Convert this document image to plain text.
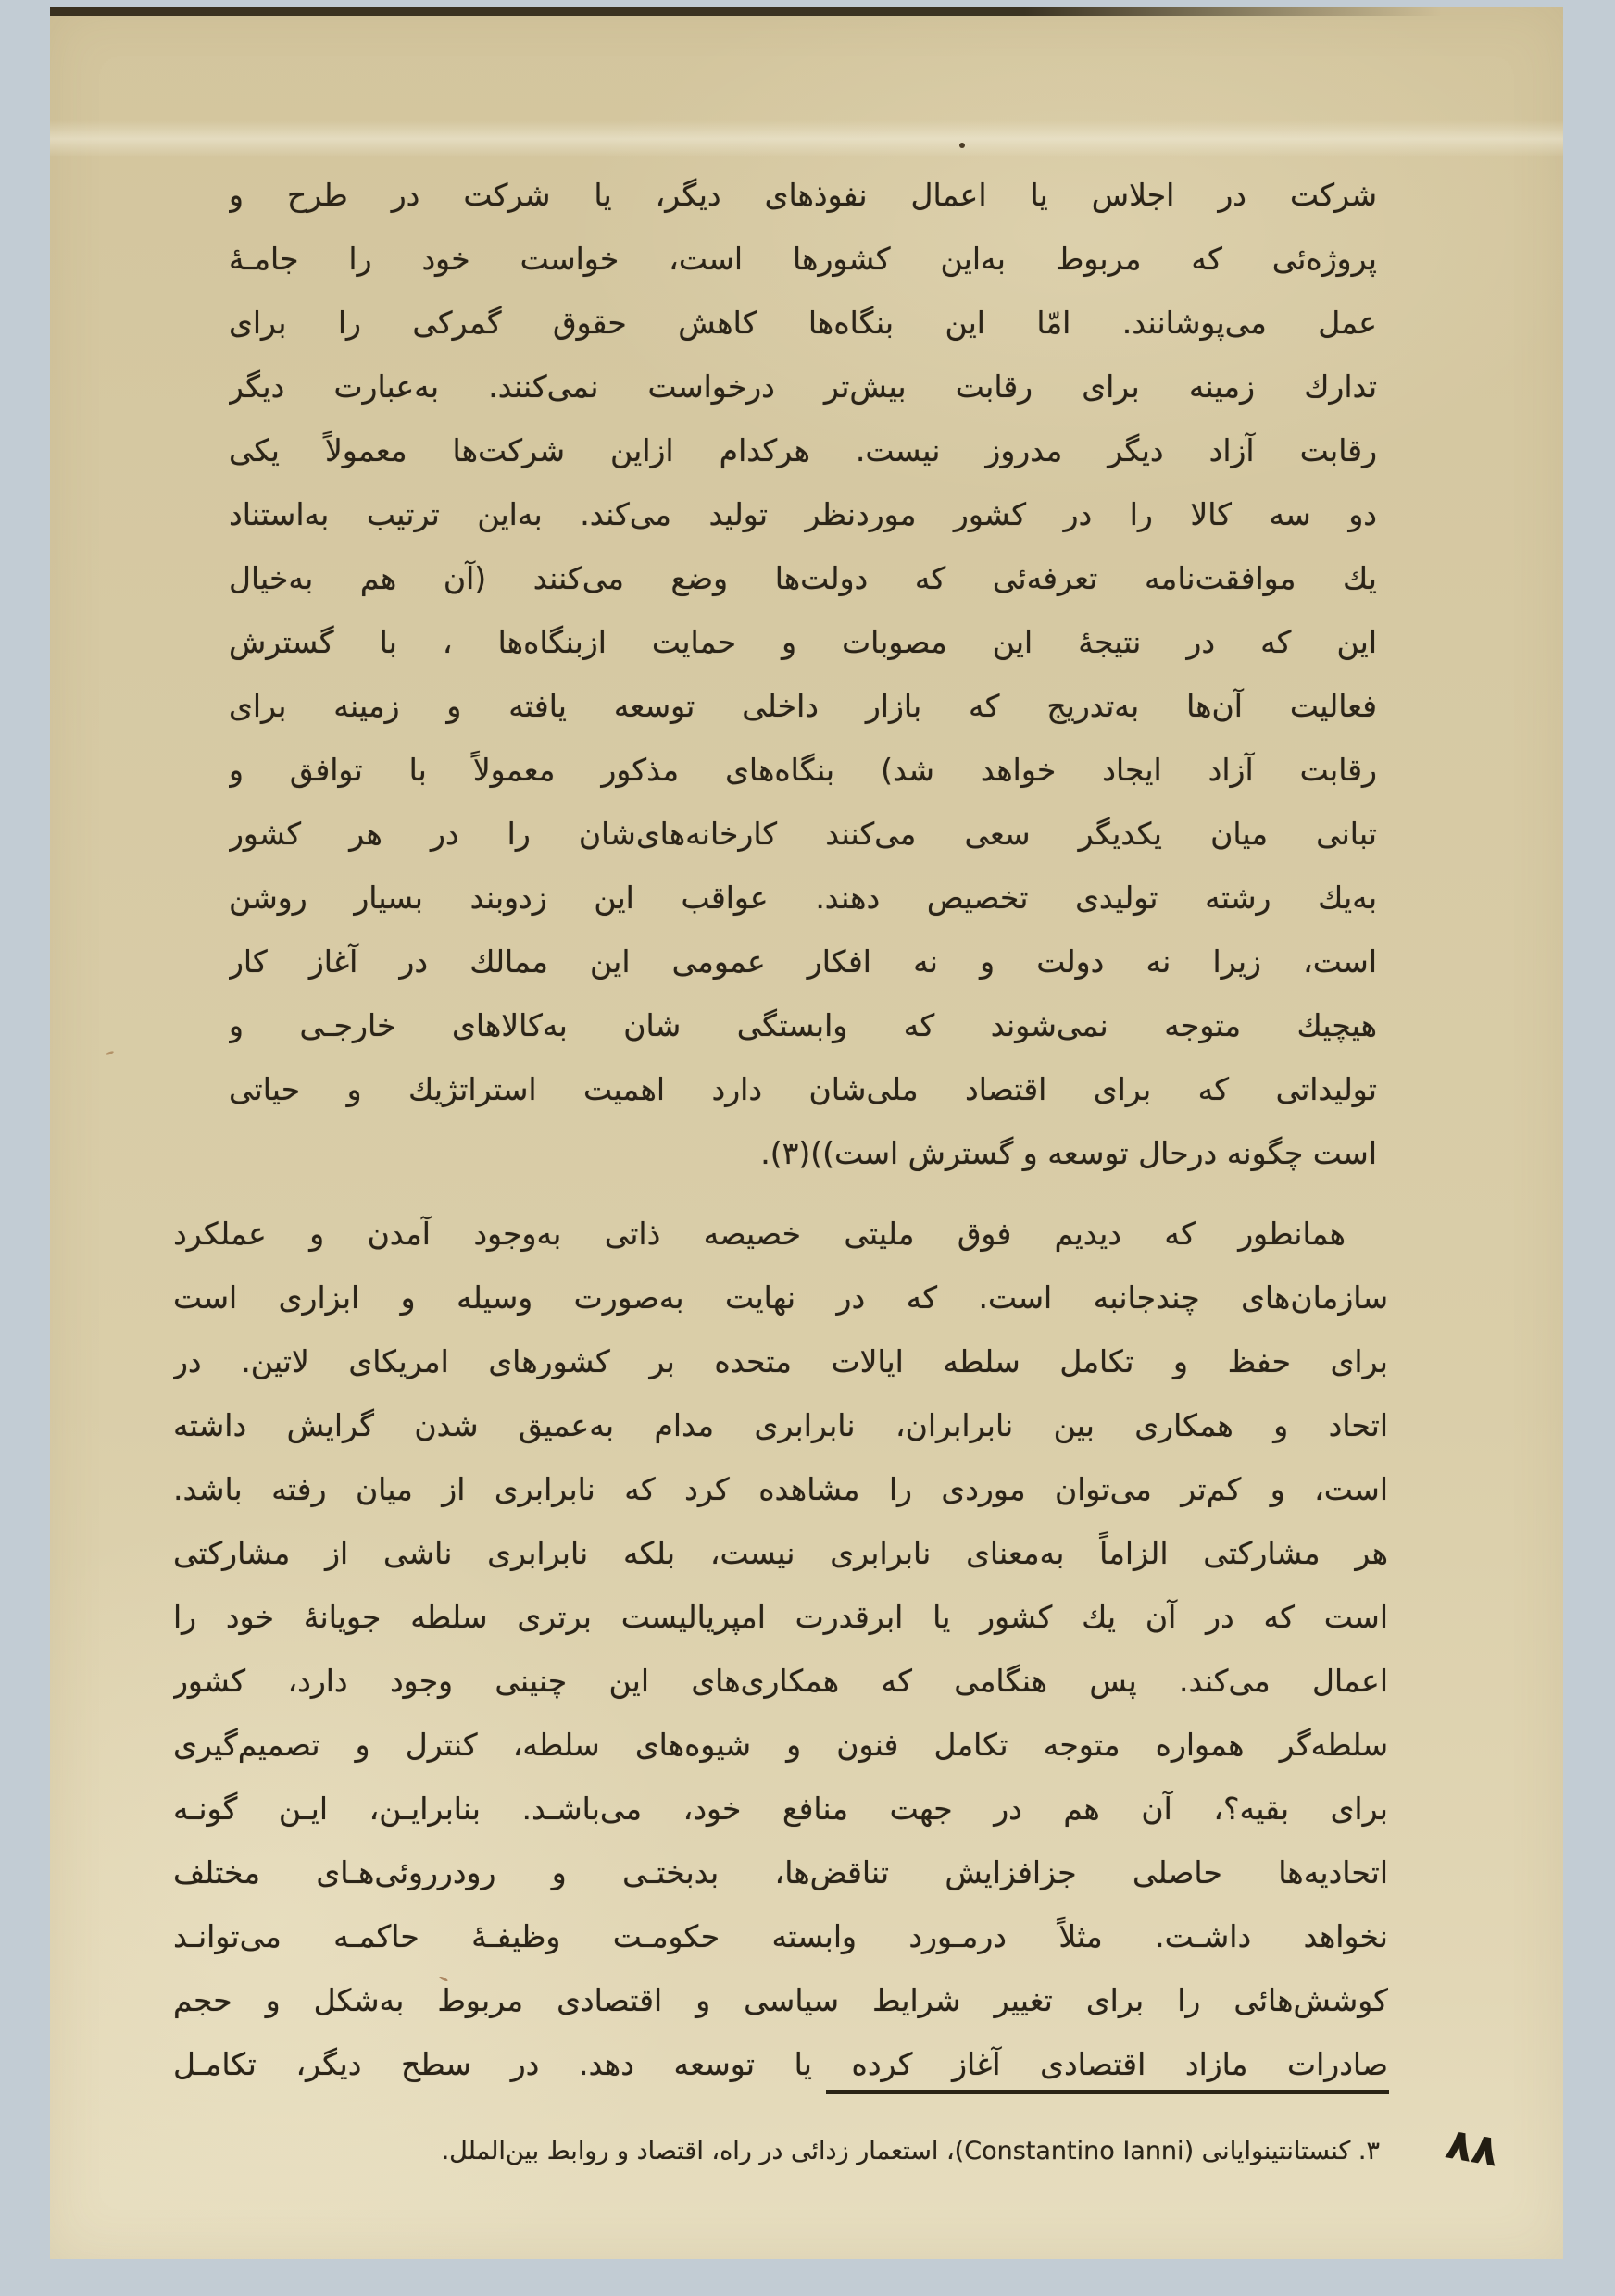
شرکت در اجلاس یا اعمال نفوذهای دیگر، یا شرکت در طرح و
پروژه‌ئی که مربوط به‌این کشورها است، خواست خود را جامـهٔ
عمل می‌پوشانند. امّا این بنگاه‌ها کاهش حقوق گمرکی را برای
تدارك زمینه برای رقابت بیش‌تر درخواست نمی‌کنند. به‌عبارت دیگر
رقابت آزاد دیگر مدروز نیست. هرکدام ازاین شرکت‌ها معمولاً یکی
دو سه کالا را در کشور موردنظر تولید می‌کند. به‌این ترتیب به‌استناد
یك موافقت‌نامه تعرفه‌ئی که دولت‌ها وضع می‌کنند (آن هم به‌خیال
این که در نتیجهٔ این مصوبات و حمایت ازبنگاه‌ها ، با گسترش
فعالیت آن‌ها به‌تدریج که بازار داخلی توسعه یافته و زمینه برای
رقابت آزاد ایجاد خواهد شد) بنگاه‌های مذکور معمولاً با توافق و
تبانی میان یکدیگر سعی می‌کنند کارخانه‌های‌شان را در هر کشور
به‌یك رشته تولیدی تخصیص دهند. عواقب این زدوبند بسیار روشن
است، زیرا نه دولت و نه افکار عمومی این ممالك در آغاز کار
هیچیك متوجه نمی‌شوند که وابستگی شان به‌کالاهای خارجـی و
تولیداتی که برای اقتصاد ملی‌شان دارد اهمیت استراتژیك و حیاتی
است چگونه درحال توسعه و گسترش است))(۳).
همانطور که دیدیم فوق ملیتی خصیصه ذاتی به‌وجود آمدن و عملکرد
سازمان‌های چندجانبه است. که در نهایت به‌صورت وسیله و ابزاری است
برای حفظ و تکامل سلطه ایالات متحده بر کشورهای امریکای لاتین. در
اتحاد و همکاری بین نابرابران، نابرابری مدام به‌عمیق شدن گرایش داشته
است، و کم‌تر می‌توان موردی را مشاهده کرد که نابرابری از میان رفته باشد.
هر مشارکتی الزاماً به‌معنای نابرابری نیست، بلکه نابرابری ناشی از مشارکتی
است که در آن یك کشور یا ابرقدرت امپریالیست برتری سلطه جویانهٔ خود را
اعمال می‌کند. پس هنگامی که همکاری‌های این چنینی وجود دارد، کشور
سلطه‌گر همواره متوجه تکامل فنون و شیوه‌های سلطه، کنترل و تصمیم‌گیری
برای بقیه؟، آن هم در جهت منافع خود، می‌باشـد. بنابرایـن، ایـن گونـه
اتحادیه‌ها حاصلی جزافزایش تناقض‌ها، بدبختـی و رودرروئی‌هـای مختلف
نخواهد داشـت. مثلاً درمـورد وابسته حکومـت وظیفـهٔ حاکمـه می‌توانـد
کوشش‌هائی را برای تغییر شرایط سیاسی و اقتصادی مربوط به‌شکل و حجم
صادرات مازاد اقتصادی آغاز کرده یا توسعه دهد. در سطح دیگر، تکامـل
۳. کنستانتینوایانی (Constantino Ianni)، استعمار زدائی در راه، اقتصاد و روابط بین‌الملل. ۸۸
